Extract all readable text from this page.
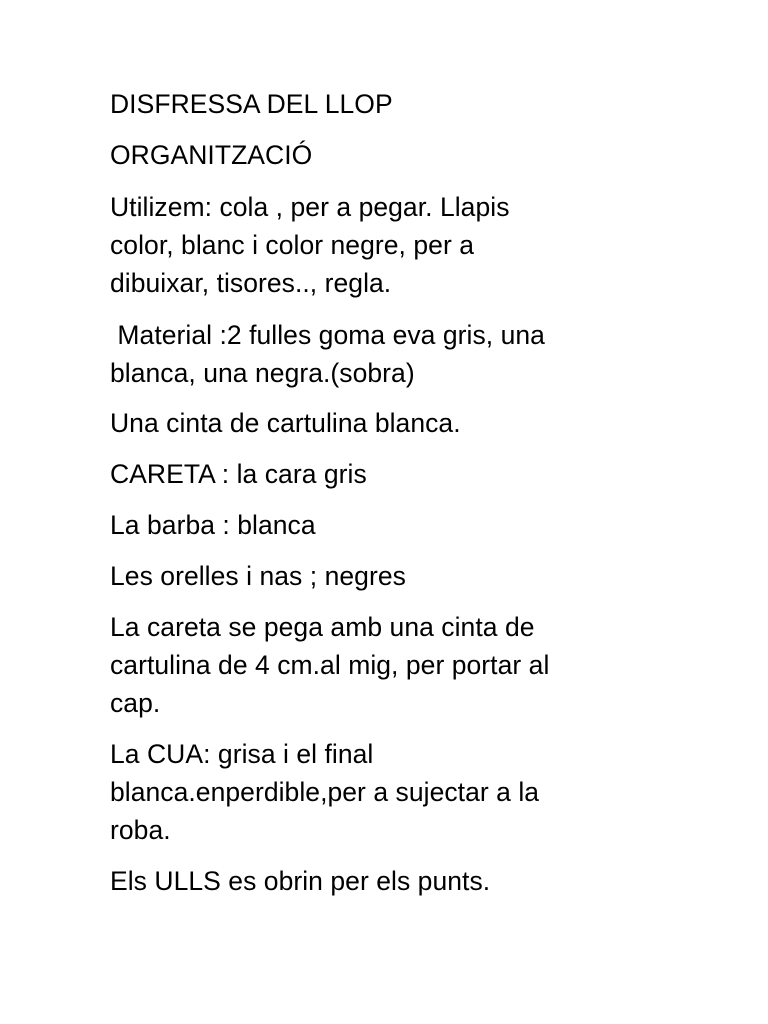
DISFRESSA DEL LLOP

ORGANITZACIÓ

Utilizem: cola , per a pegar. Llapis

color, blanc i color negre, per a

dibuixar, tisores.., regla.

Material :2 fulles goma eva gris, una

blanca, una negra.(sobra)

Una cinta de cartulina blanca.

CARETA : la cara gris

La barba : blanca

Les orelles i nas ; negres

La careta se pega amb una cinta de

cartulina de 4 cm.al mig, per portar al

cap.

La CUA: grisa i el final

blanca.enperdible,per a sujectar a la

roba.

Els ULLS es obrin per els punts.
